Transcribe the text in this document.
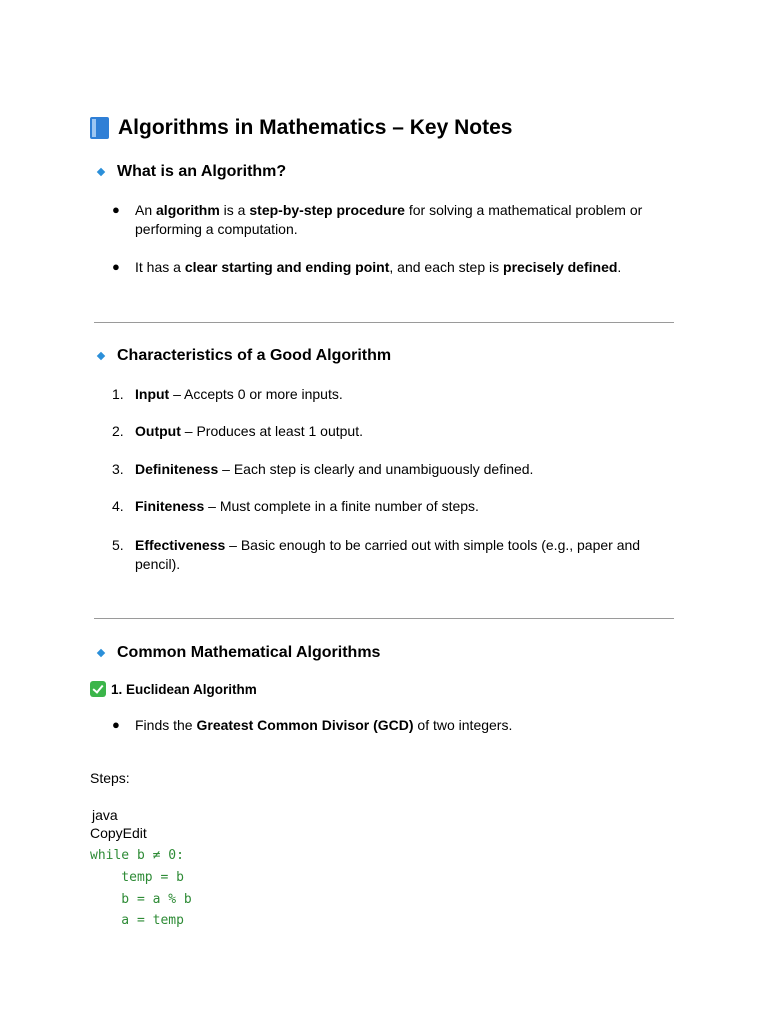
Algorithms in Mathematics – Key Notes
What is an Algorithm?
● An algorithm is a step-by-step procedure for solving a mathematical problem or performing a computation.
● It has a clear starting and ending point, and each step is precisely defined.
Characteristics of a Good Algorithm
1. Input – Accepts 0 or more inputs.
2. Output – Produces at least 1 output.
3. Definiteness – Each step is clearly and unambiguously defined.
4. Finiteness – Must complete in a finite number of steps.
5. Effectiveness – Basic enough to be carried out with simple tools (e.g., paper and pencil).
Common Mathematical Algorithms
1. Euclidean Algorithm
● Finds the Greatest Common Divisor (GCD) of two integers.
Steps:
java
CopyEdit
while b ≠ 0:
temp = b
b = a % b
a = temp
